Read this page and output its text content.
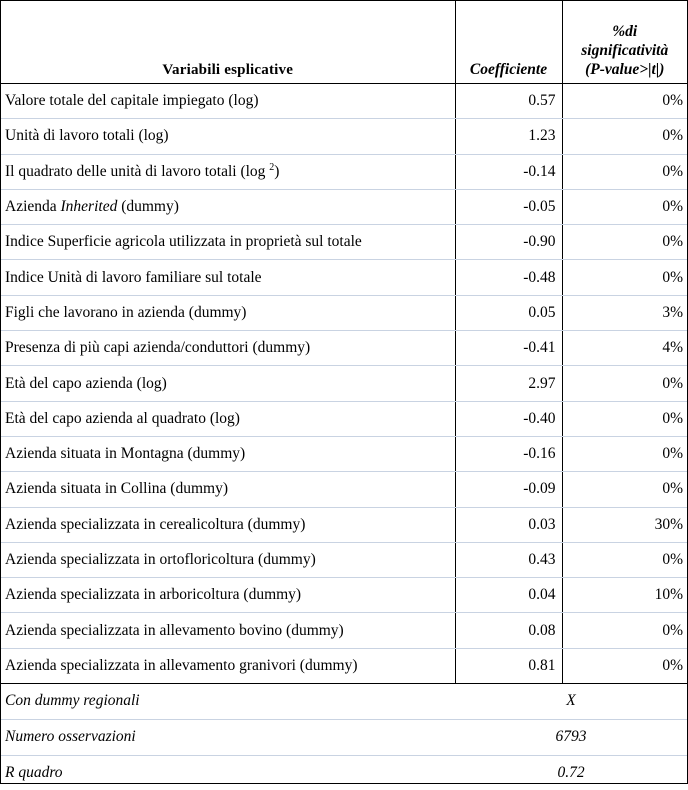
Variabili esplicative	Coefficiente	%di
significatività
(P-value>|t|)

Valore totale del capitale impiegato (log)	0.57	0%
Unità di lavoro totali (log)	1.23	0%
Il quadrato delle unità di lavoro totali (log $^2$)	-0.14	0%
Azienda Inherited (dummy)	-0.05	0%
Indice Superficie agricola utilizzata in proprietà sul totale	-0.90	0%
Indice Unità di lavoro familiare sul totale	-0.48	0%
Figli che lavorano in azienda (dummy)	0.05	3%
Presenza di più capi azienda/conduttori (dummy)	-0.41	4%
Età del capo azienda (log)	2.97	0%
Età del capo azienda al quadrato (log)	-0.40	0%
Azienda situata in Montagna (dummy)	-0.16	0%
Azienda situata in Collina (dummy)	-0.09	0%
Azienda specializzata in cerealicoltura (dummy)	0.03	30%
Azienda specializzata in ortofloricoltura (dummy)	0.43	0%
Azienda specializzata in arboricoltura (dummy)	0.04	10%
Azienda specializzata in allevamento bovino (dummy)	0.08	0%
Azienda specializzata in allevamento granivori (dummy)	0.81	0%
Con dummy regionali	X	
Numero osservazioni	6793	
R quadro	0.72	
